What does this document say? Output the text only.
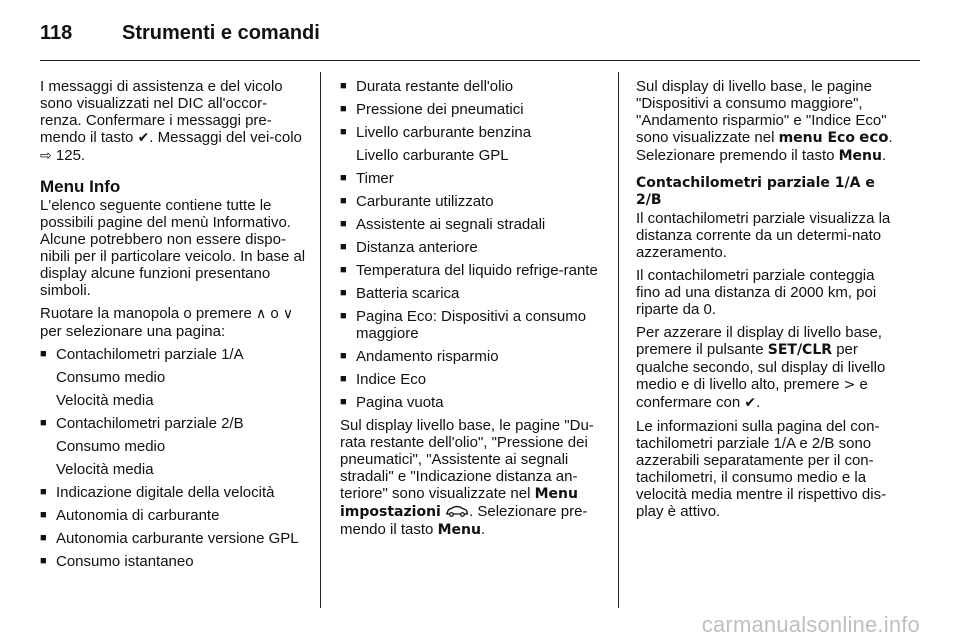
118 Strumenti e comandi

I messaggi di assistenza e del vicolo sono visualizzati nel DIC all'occor-renza. Confermare i messaggi pre-mendo il tasto ✔. Messaggi del vei-colo ⇨ 125.

Menu Info

L'elenco seguente contiene tutte le possibili pagine del menù Informativo. Alcune potrebbero non essere dispo-nibili per il particolare veicolo. In base al display alcune funzioni presentano simboli.

Ruotare la manopola o premere ∧ o ∨ per selezionare una pagina:

■ Contachilometri parziale 1/A
Consumo medio
Velocità media
■ Contachilometri parziale 2/B
Consumo medio
Velocità media
■ Indicazione digitale della velocità
■ Autonomia di carburante
■ Autonomia carburante versione GPL
■ Consumo istantaneo
■ Durata restante dell'olio
■ Pressione dei pneumatici
■ Livello carburante benzina
Livello carburante GPL
■ Timer
■ Carburante utilizzato
■ Assistente ai segnali stradali
■ Distanza anteriore
■ Temperatura del liquido refrige-rante
■ Batteria scarica
■ Pagina Eco: Dispositivi a consumo maggiore
■ Andamento risparmio
■ Indice Eco
■ Pagina vuota

Sul display livello base, le pagine "Du-rata restante dell'olio", "Pressione dei pneumatici", "Assistente ai segnali stradali" e "Indicazione distanza an-teriore" sono visualizzate nel Menu impostazioni . Selezionare pre-mendo il tasto Menu.

Sul display di livello base, le pagine "Dispositivi a consumo maggiore", "Andamento risparmio" e "Indice Eco" sono visualizzate nel menu Eco eco. Selezionare premendo il tasto Menu.

Contachilometri parziale 1/A e 2/B

Il contachilometri parziale visualizza la distanza corrente da un determi-nato azzeramento.

Il contachilometri parziale conteggia fino ad una distanza di 2000 km, poi riparte da 0.

Per azzerare il display di livello base, premere il pulsante SET/CLR per qualche secondo, sul display di livello medio e di livello alto, premere > e confermare con ✔.

Le informazioni sulla pagina del con-tachilometri parziale 1/A e 2/B sono azzerabili separatamente per il con-tachilometri, il consumo medio e la velocità media mentre il rispettivo dis-play è attivo.

carmanualsonline.info
